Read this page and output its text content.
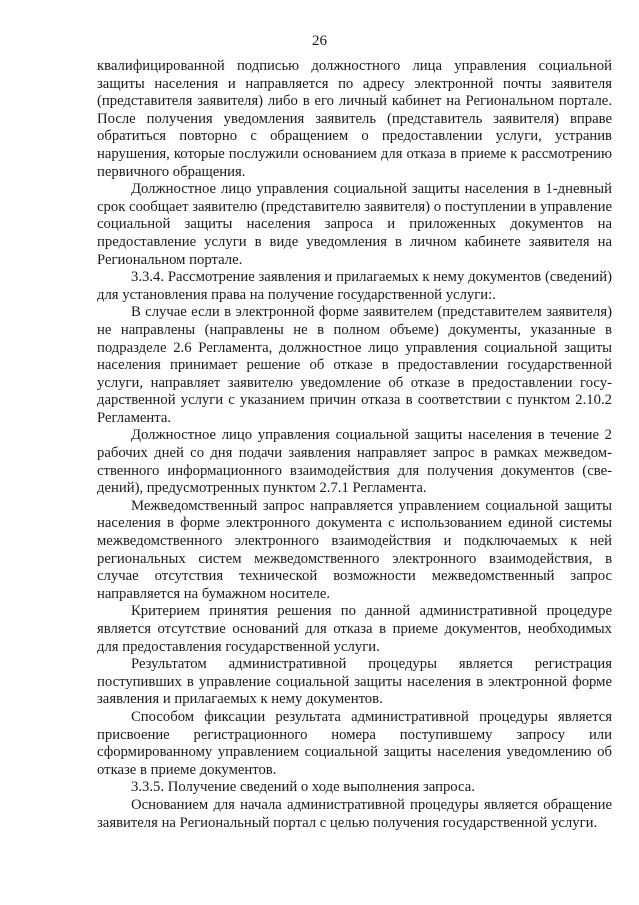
26

квалифицированной подписью должностного лица управления социальной защиты населения и направляется по адресу электронной почты заявителя (представителя заявителя) либо в его личный кабинет на Региональном портале. После получения уведомления заявитель (представитель заявителя) вправе обратиться повторно с обращением о предоставлении услуги, устранив нарушения, которые послужили основанием для отказа в приеме к рассмотрению первичного обращения.

Должностное лицо управления социальной защиты населения в 1-дневный срок сообщает заявителю (представителю заявителя) о поступлении в управление социальной защиты населения запроса и приложенных документов на предоставление услуги в виде уведомления в личном кабинете заявителя на Региональном портале.

3.3.4. Рассмотрение заявления и прилагаемых к нему документов (сведений) для установления права на получение государственной услуги:.

В случае если в электронной форме заявителем (представителем заявителя) не направлены (направлены не в полном объеме) документы, указанные в подразделе 2.6 Регламента, должностное лицо управления социальной защиты населения принимает решение об отказе в предоставлении государственной услуги, направляет заявителю уведомление об отказе в предоставлении государственной услуги с указанием причин отказа в соответствии с пунктом 2.10.2 Регламента.

Должностное лицо управления социальной защиты населения в течение 2 рабочих дней со дня подачи заявления направляет запрос в рамках межведомственного информационного взаимодействия для получения документов (сведений), предусмотренных пунктом 2.7.1 Регламента.

Межведомственный запрос направляется управлением социальной защиты населения в форме электронного документа с использованием единой системы межведомственного электронного взаимодействия и подключаемых к ней региональных систем межведомственного электронного взаимодействия, в случае отсутствия технической возможности межведомственный запрос направляется на бумажном носителе.

Критерием принятия решения по данной административной процедуре является отсутствие оснований для отказа в приеме документов, необходимых для предоставления государственной услуги.

Результатом административной процедуры является регистрация поступивших в управление социальной защиты населения в электронной форме заявления и прилагаемых к нему документов.

Способом фиксации результата административной процедуры является присвоение регистрационного номера поступившему запросу или сформированному управлением социальной защиты населения уведомлению об отказе в приеме документов.

3.3.5. Получение сведений о ходе выполнения запроса.

Основанием для начала административной процедуры является обращение заявителя на Региональный портал с целью получения государственной услуги.
